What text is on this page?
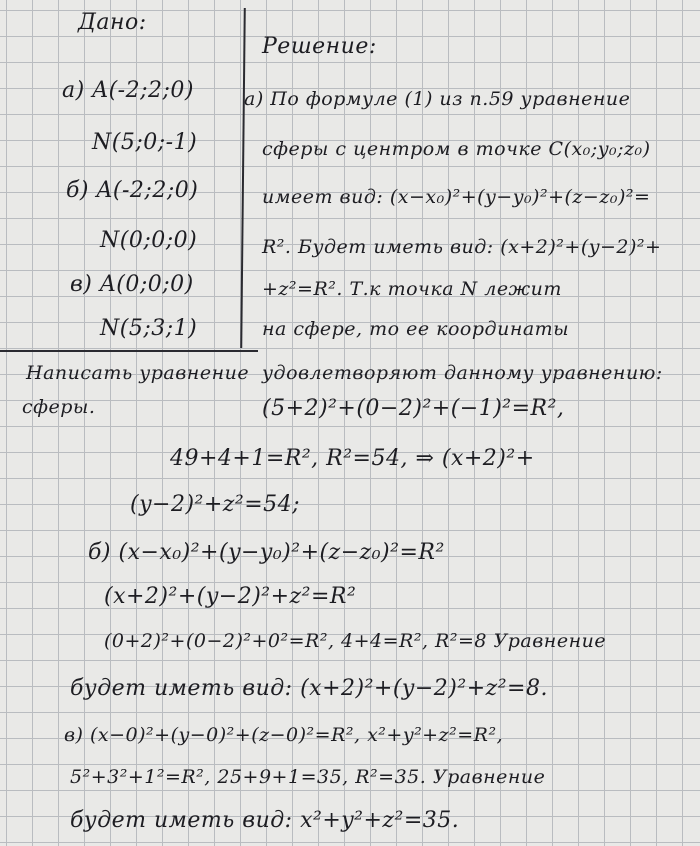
Дано:
а) A(-2;2;0)
N(5;0;-1)
б) A(-2;2;0)
N(0;0;0)
в) A(0;0;0)
N(5;3;1)
Написать уравнение
сферы.
Решение:
а) По формуле (1) из п.59 уравнение
сферы с центром в точке C(x₀;y₀;z₀)
имеет вид: (x−x₀)²+(y−y₀)²+(z−z₀)²=
R². Будет иметь вид: (x+2)²+(y−2)²+
+z²=R². Т.к точка N лежит
на сфере, то ее координаты
удовлетворяют данному уравнению:
(5+2)²+(0−2)²+(−1)²=R²,
49+4+1=R², R²=54, ⇒ (x+2)²+
(y−2)²+z²=54;
б) (x−x₀)²+(y−y₀)²+(z−z₀)²=R²
(x+2)²+(y−2)²+z²=R²
(0+2)²+(0−2)²+0²=R², 4+4=R², R²=8 Уравнение
будет иметь вид: (x+2)²+(y−2)²+z²=8.
в) (x−0)²+(y−0)²+(z−0)²=R², x²+y²+z²=R²,
5²+3²+1²=R², 25+9+1=35, R²=35. Уравнение
будет иметь вид: x²+y²+z²=35.
